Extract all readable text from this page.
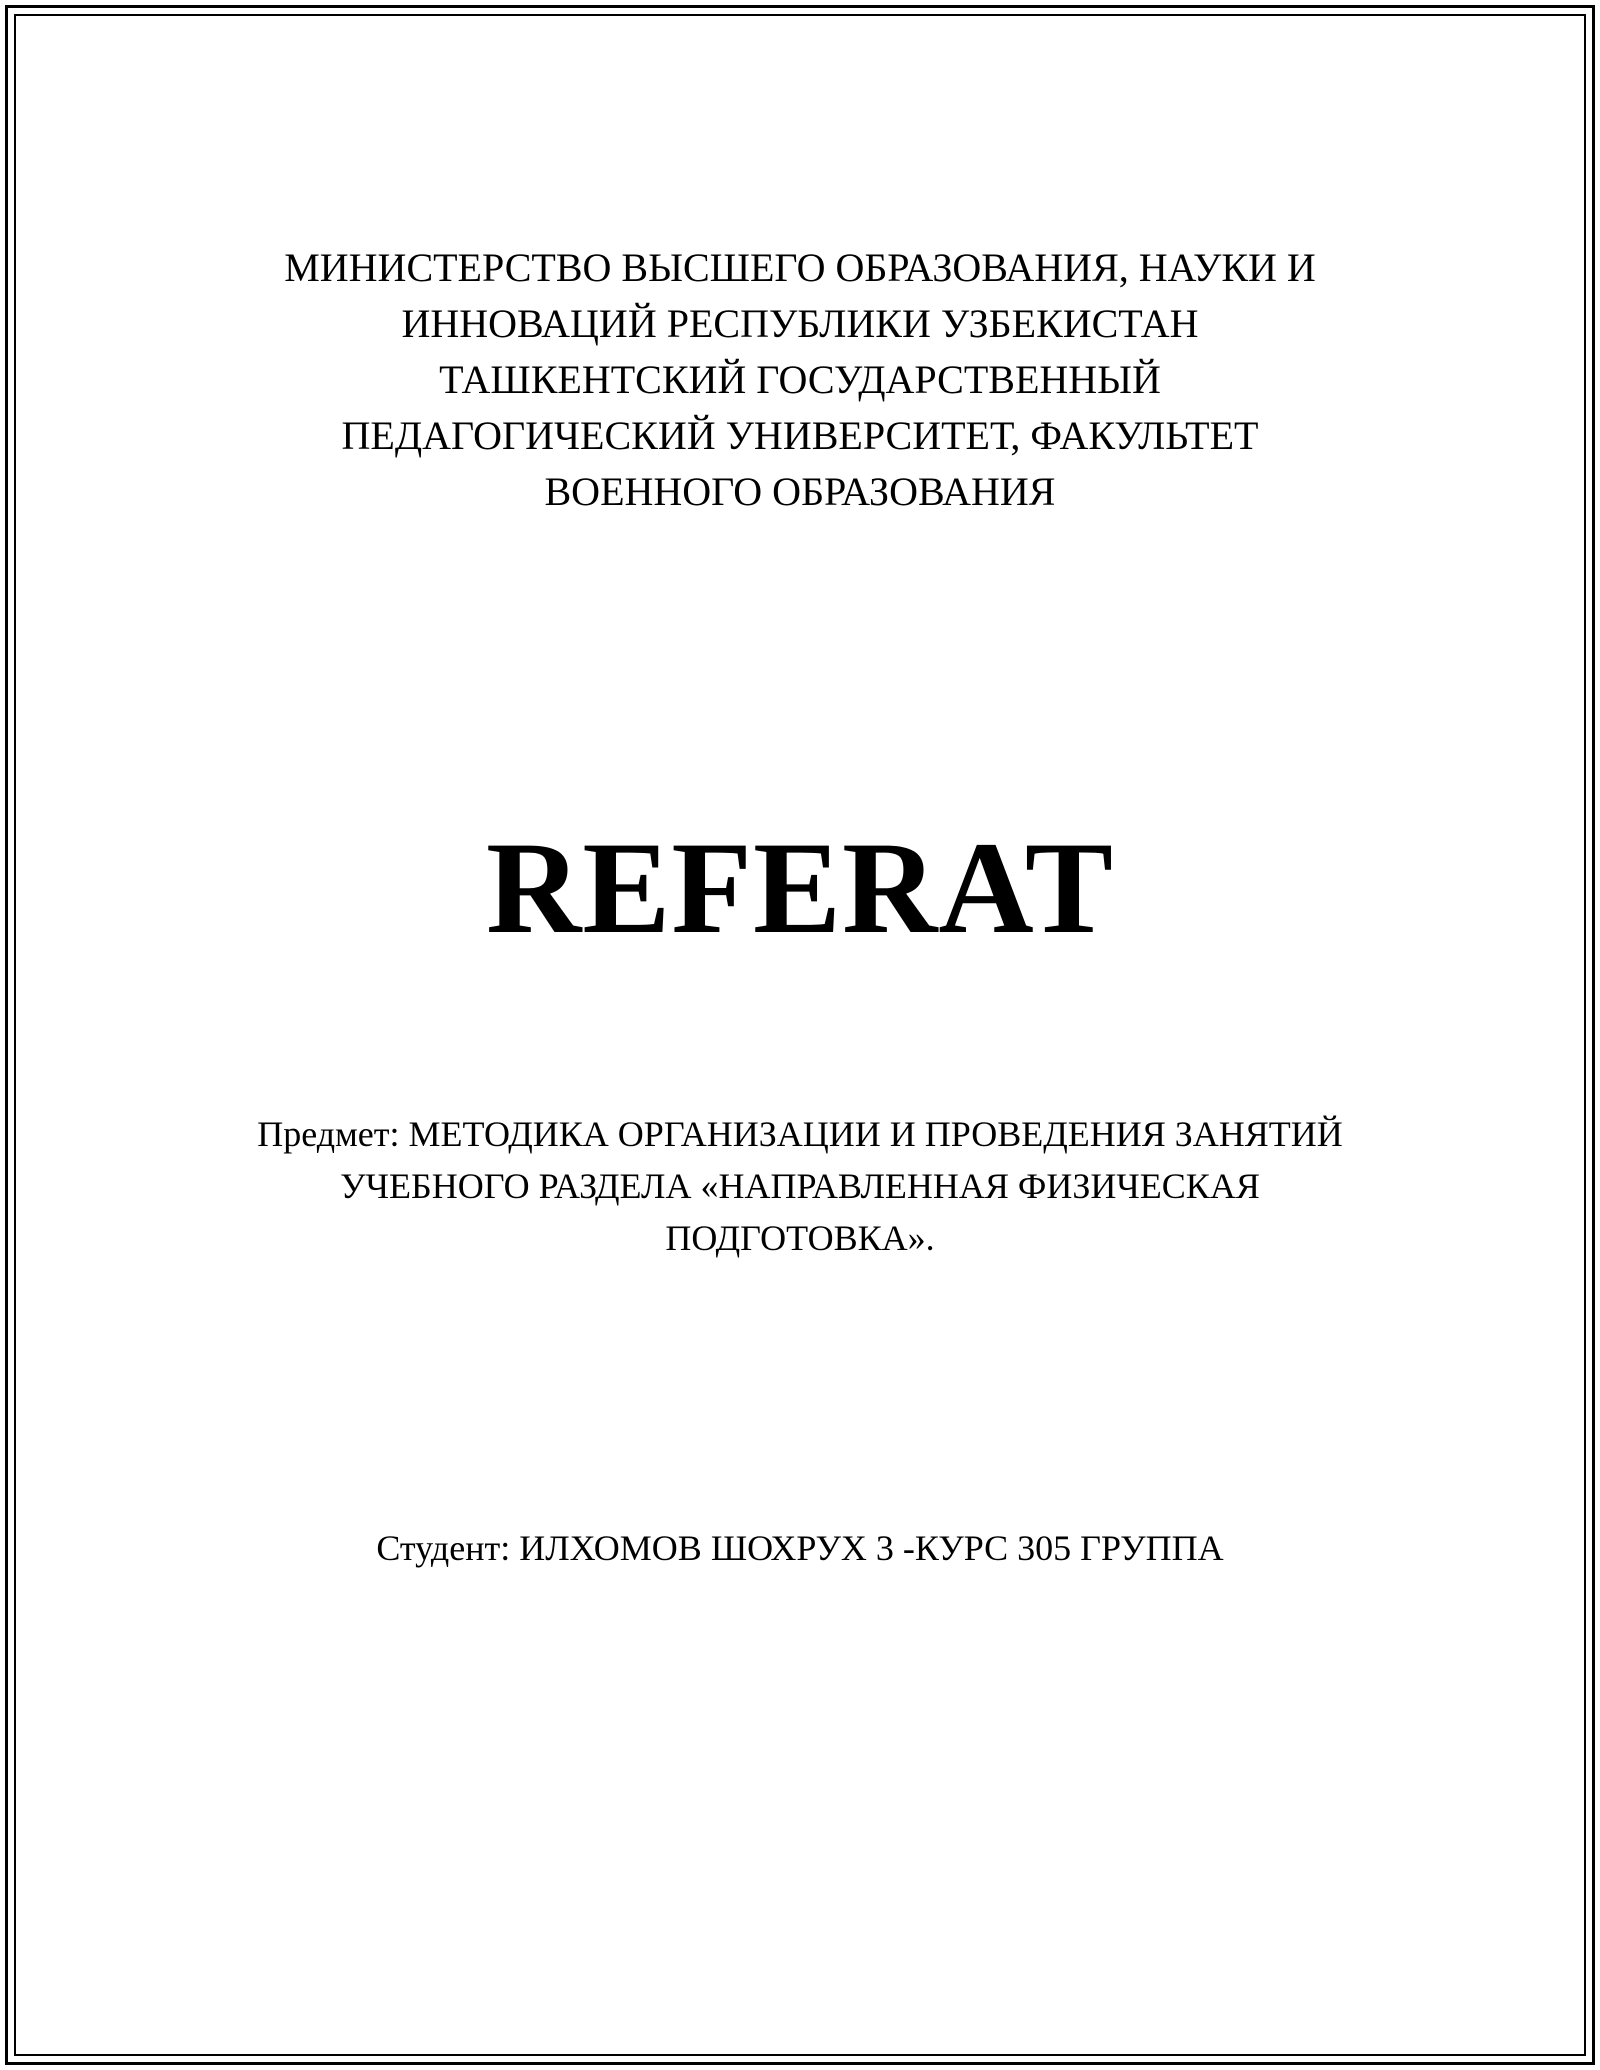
МИНИСТЕРСТВО ВЫСШЕГО ОБРАЗОВАНИЯ, НАУКИ И
ИННОВАЦИЙ РЕСПУБЛИКИ УЗБЕКИСТАН
ТАШКЕНТСКИЙ ГОСУДАРСТВЕННЫЙ
ПЕДАГОГИЧЕСКИЙ УНИВЕРСИТЕТ, ФАКУЛЬТЕТ
ВОЕННОГО ОБРАЗОВАНИЯ
REFERAT
Предмет: МЕТОДИКА ОРГАНИЗАЦИИ И ПРОВЕДЕНИЯ ЗАНЯТИЙ
УЧЕБНОГО РАЗДЕЛА «НАПРАВЛЕННАЯ ФИЗИЧЕСКАЯ
ПОДГОТОВКА».
Студент: ИЛХОМОВ ШОХРУХ 3 -КУРС 305 ГРУППА
